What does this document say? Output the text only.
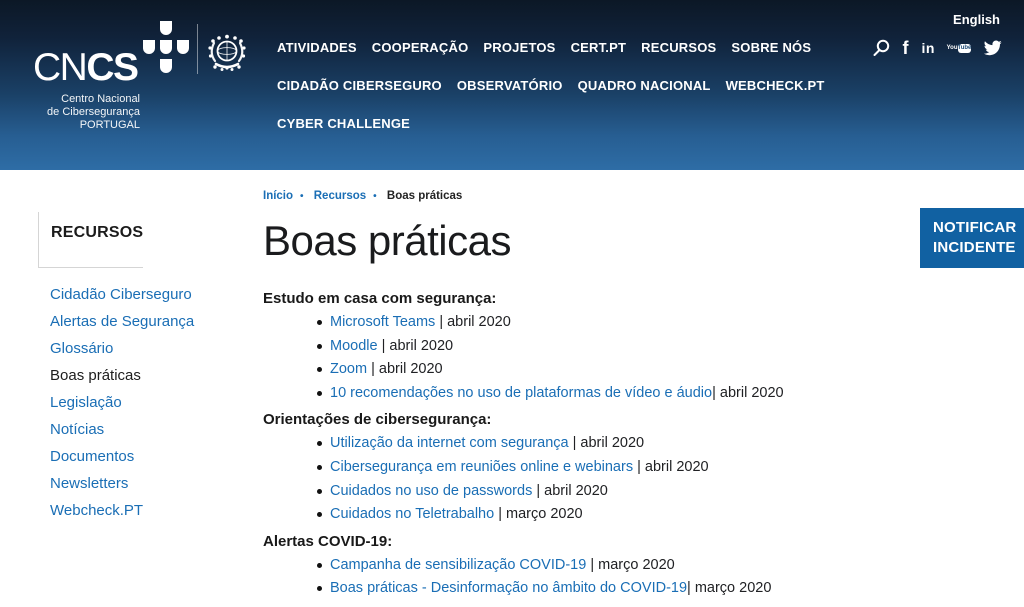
CNCS
Centro Nacional
de Cibersegurança
PORTUGAL
ATIVIDADES COOPERAÇÃO PROJETOS CERT.PT RECURSOS SOBRE NÓS
CIDADÃO CIBERSEGURO OBSERVATÓRIO QUADRO NACIONAL WEBCHECK.PT
CYBER CHALLENGE
English
f in You Tube
NOTIFICAR
INCIDENTE
RECURSOS
Cidadão Ciberseguro
Alertas de Segurança
Glossário
Boas práticas
Legislação
Notícias
Documentos
Newsletters
Webcheck.PT
Início • Recursos • Boas práticas
Boas práticas
Estudo em casa com segurança:
Microsoft Teams | abril 2020
Moodle | abril 2020
Zoom | abril 2020
10 recomendações no uso de plataformas de vídeo e áudio| abril 2020
Orientações de cibersegurança:
Utilização da internet com segurança | abril 2020
Cibersegurança em reuniões online e webinars | abril 2020
Cuidados no uso de passwords | abril 2020
Cuidados no Teletrabalho | março 2020
Alertas COVID-19:
Campanha de sensibilização COVID-19 | março 2020
Boas práticas - Desinformação no âmbito do COVID-19| março 2020
